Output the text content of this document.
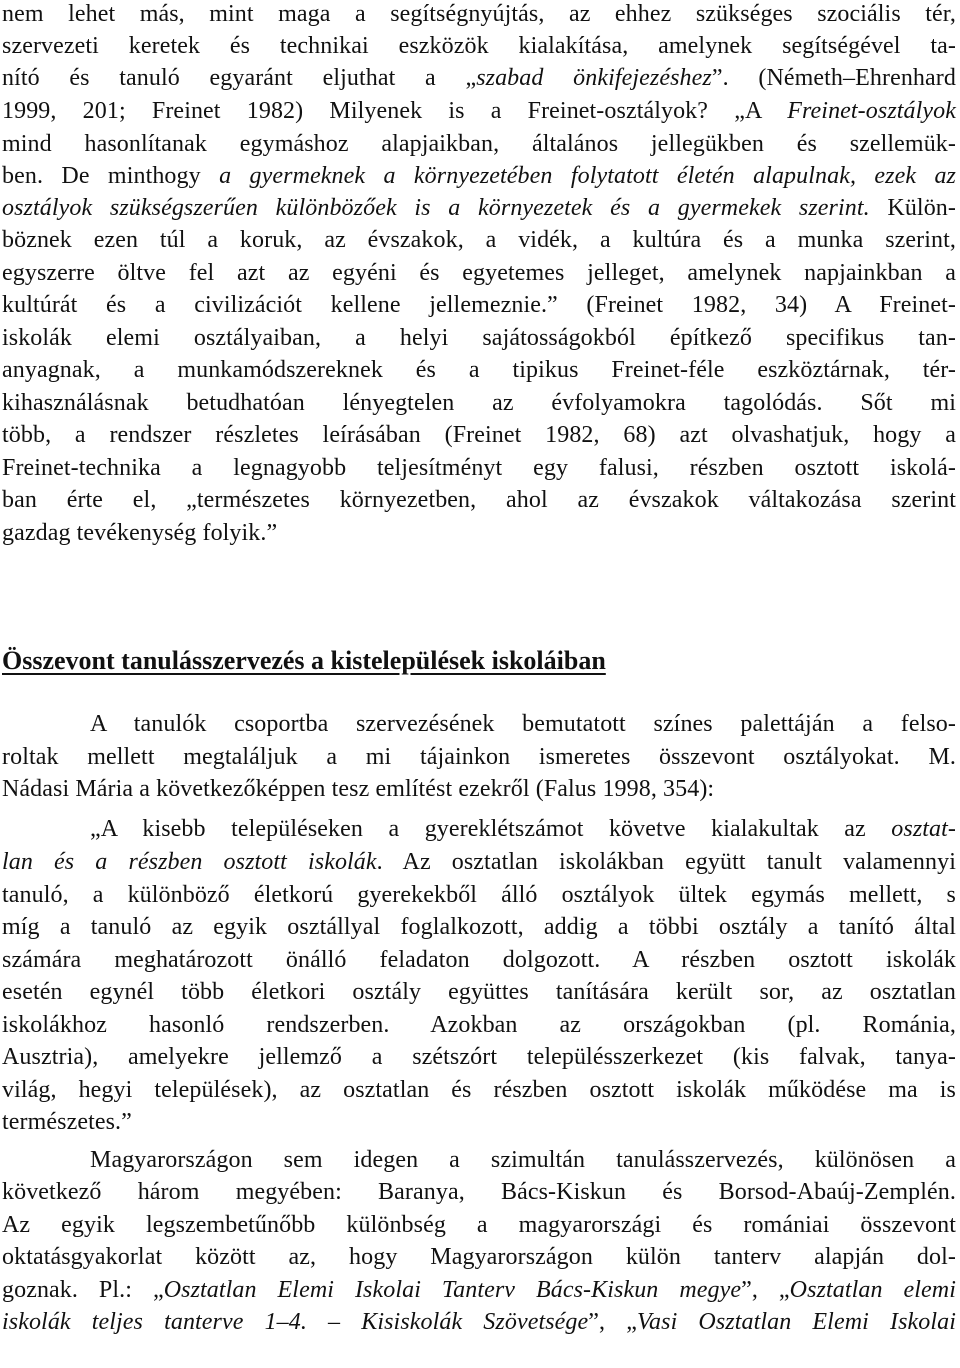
nem lehet más, mint maga a segítségnyújtás, az ehhez szükséges szociális tér,
szervezeti keretek és technikai eszközök kialakítása, amelynek segítségével ta-
nító és tanuló egyaránt eljuthat a „szabad önkifejezéshez”. (Németh–Ehrenhard
1999, 201; Freinet 1982) Milyenek is a Freinet-osztályok? „A Freinet-osztályok
mind hasonlítanak egymáshoz alapjaikban, általános jellegükben és szellemük-
ben. De minthogy a gyermeknek a környezetében folytatott életén alapulnak, ezek az
osztályok szükségszerűen különbözőek is a környezetek és a gyermekek szerint. Külön-
böznek ezen túl a koruk, az évszakok, a vidék, a kultúra és a munka szerint,
egyszerre öltve fel azt az egyéni és egyetemes jelleget, amelynek napjainkban a
kultúrát és a civilizációt kellene jellemeznie.” (Freinet 1982, 34) A Freinet-
iskolák elemi osztályaiban, a helyi sajátosságokból építkező specifikus tan-
anyagnak, a munkamódszereknek és a tipikus Freinet-féle eszköztárnak, tér-
kihasználásnak betudhatóan lényegtelen az évfolyamokra tagolódás. Sőt mi
több, a rendszer részletes leírásában (Freinet 1982, 68) azt olvashatjuk, hogy a
Freinet-technika a legnagyobb teljesítményt egy falusi, részben osztott iskolá-
ban érte el, „természetes környezetben, ahol az évszakok váltakozása szerint
gazdag tevékenység folyik.”
Összevont tanulásszervezés a kistelepülések iskoláiban
A tanulók csoportba szervezésének bemutatott színes palettáján a felso-
roltak mellett megtaláljuk a mi tájainkon ismeretes összevont osztályokat. M.
Nádasi Mária a következőképpen tesz említést ezekről (Falus 1998, 354):
„A kisebb településeken a gyereklétszámot követve kialakultak az osztat-
lan és a részben osztott iskolák. Az osztatlan iskolákban együtt tanult valamennyi
tanuló, a különböző életkorú gyerekekből álló osztályok ültek egymás mellett, s
míg a tanuló az egyik osztállyal foglalkozott, addig a többi osztály a tanító által
számára meghatározott önálló feladaton dolgozott. A részben osztott iskolák
esetén egynél több életkori osztály együttes tanítására került sor, az osztatlan
iskolákhoz hasonló rendszerben. Azokban az országokban (pl. Románia,
Ausztria), amelyekre jellemző a szétszórt településszerkezet (kis falvak, tanya-
világ, hegyi települések), az osztatlan és részben osztott iskolák működése ma is
természetes.”
Magyarországon sem idegen a szimultán tanulásszervezés, különösen a
következő három megyében: Baranya, Bács-Kiskun és Borsod-Abaúj-Zemplén.
Az egyik legszembetűnőbb különbség a magyarországi és romániai összevont
oktatásgyakorlat között az, hogy Magyarországon külön tanterv alapján dol-
goznak. Pl.: „Osztatlan Elemi Iskolai Tanterv Bács-Kiskun megye”, „Osztatlan elemi
iskolák teljes tanterve 1–4. – Kisiskolák Szövetsége”, „Vasi Osztatlan Elemi Iskolai
